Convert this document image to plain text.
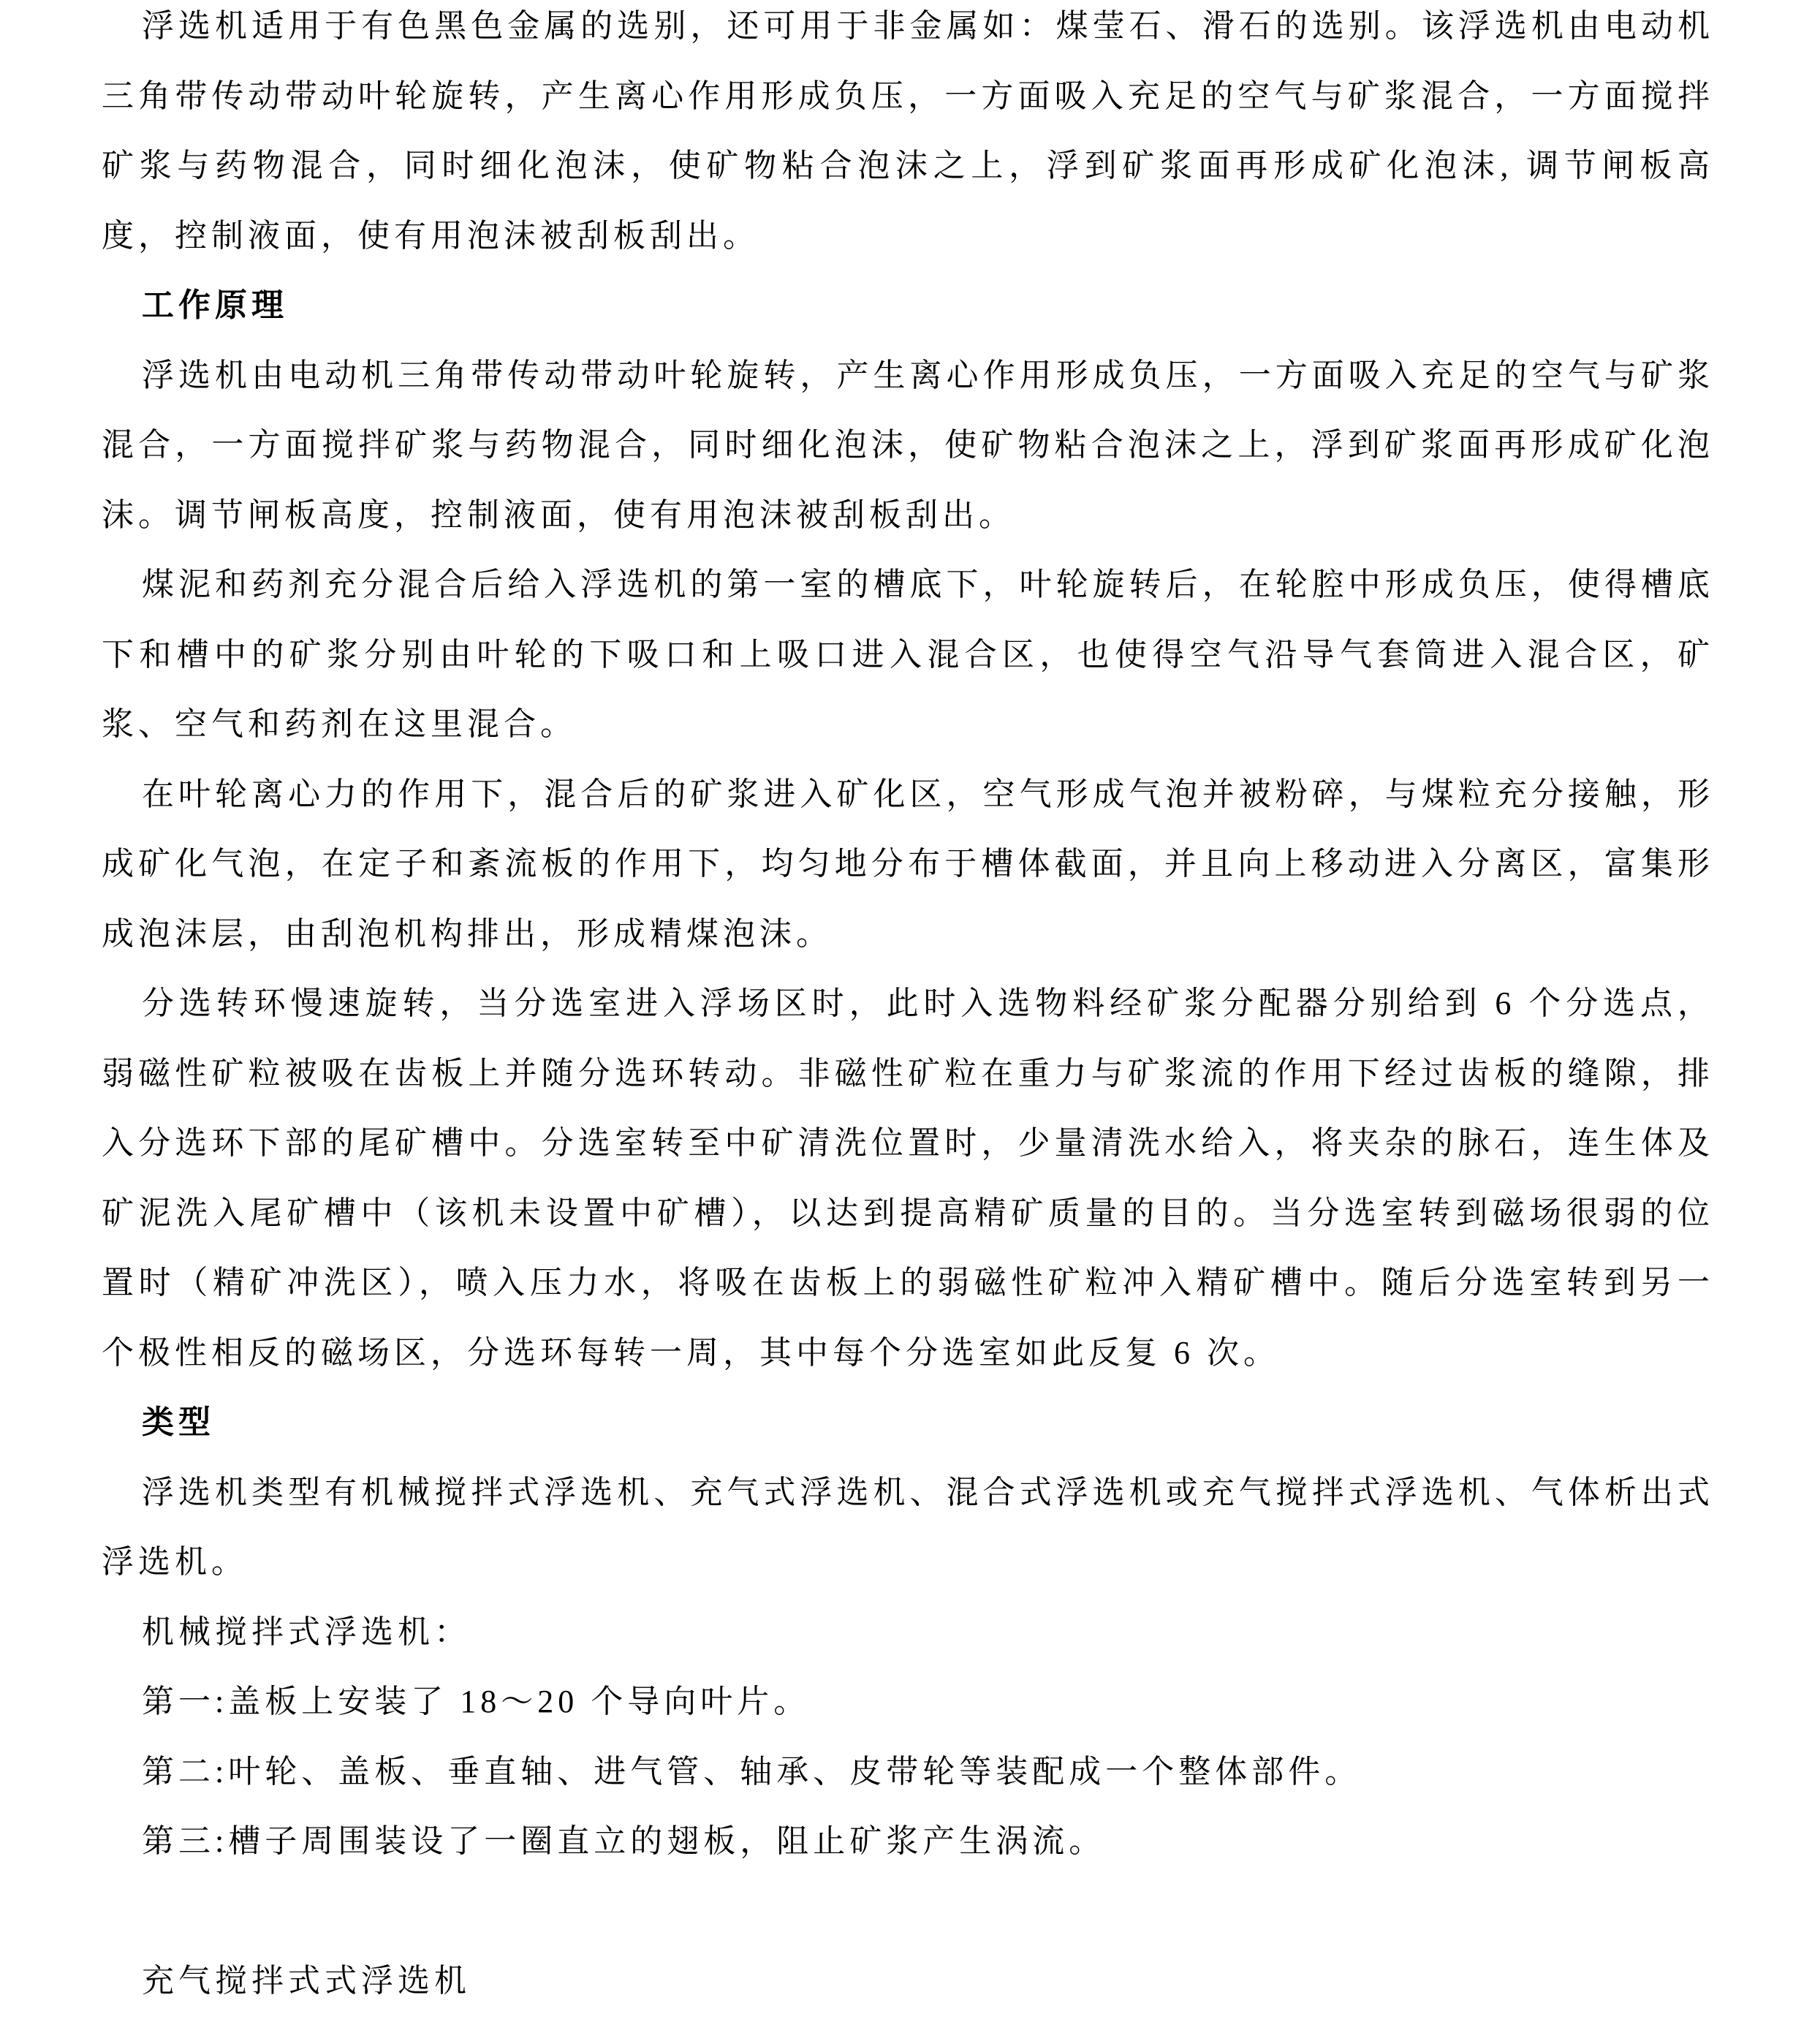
浮选机适用于有色黑色金属的选别，还可用于非金属如：煤莹石、滑石的选别。该浮选机由电动机三角带传动带动叶轮旋转，产生离心作用形成负压，一方面吸入充足的空气与矿浆混合，一方面搅拌矿浆与药物混合，同时细化泡沫，使矿物粘合泡沫之上，浮到矿浆面再形成矿化泡沫, 调节闸板高度，控制液面，使有用泡沫被刮板刮出。

工作原理

浮选机由电动机三角带传动带动叶轮旋转，产生离心作用形成负压，一方面吸入充足的空气与矿浆混合，一方面搅拌矿浆与药物混合，同时细化泡沫，使矿物粘合泡沫之上，浮到矿浆面再形成矿化泡沫。调节闸板高度，控制液面，使有用泡沫被刮板刮出。

煤泥和药剂充分混合后给入浮选机的第一室的槽底下，叶轮旋转后，在轮腔中形成负压，使得槽底下和槽中的矿浆分别由叶轮的下吸口和上吸口进入混合区，也使得空气沿导气套筒进入混合区，矿浆、空气和药剂在这里混合。

在叶轮离心力的作用下，混合后的矿浆进入矿化区，空气形成气泡并被粉碎，与煤粒充分接触，形成矿化气泡，在定子和紊流板的作用下，均匀地分布于槽体截面，并且向上移动进入分离区，富集形成泡沫层，由刮泡机构排出，形成精煤泡沫。

分选转环慢速旋转，当分选室进入浮场区时，此时入选物料经矿浆分配器分别给到 6 个分选点，弱磁性矿粒被吸在齿板上并随分选环转动。非磁性矿粒在重力与矿浆流的作用下经过齿板的缝隙，排入分选环下部的尾矿槽中。分选室转至中矿清洗位置时，少量清洗水给入，将夹杂的脉石，连生体及矿泥洗入尾矿槽中（该机未设置中矿槽），以达到提高精矿质量的目的。当分选室转到磁场很弱的位置时（精矿冲洗区），喷入压力水，将吸在齿板上的弱磁性矿粒冲入精矿槽中。随后分选室转到另一个极性相反的磁场区，分选环每转一周，其中每个分选室如此反复 6 次。

类型

浮选机类型有机械搅拌式浮选机、充气式浮选机、混合式浮选机或充气搅拌式浮选机、气体析出式浮选机。

机械搅拌式浮选机：

第一:盖板上安装了 18～20 个导向叶片。

第二:叶轮、盖板、垂直轴、进气管、轴承、皮带轮等装配成一个整体部件。

第三:槽子周围装设了一圈直立的翅板，阻止矿浆产生涡流。

充气搅拌式式浮选机
